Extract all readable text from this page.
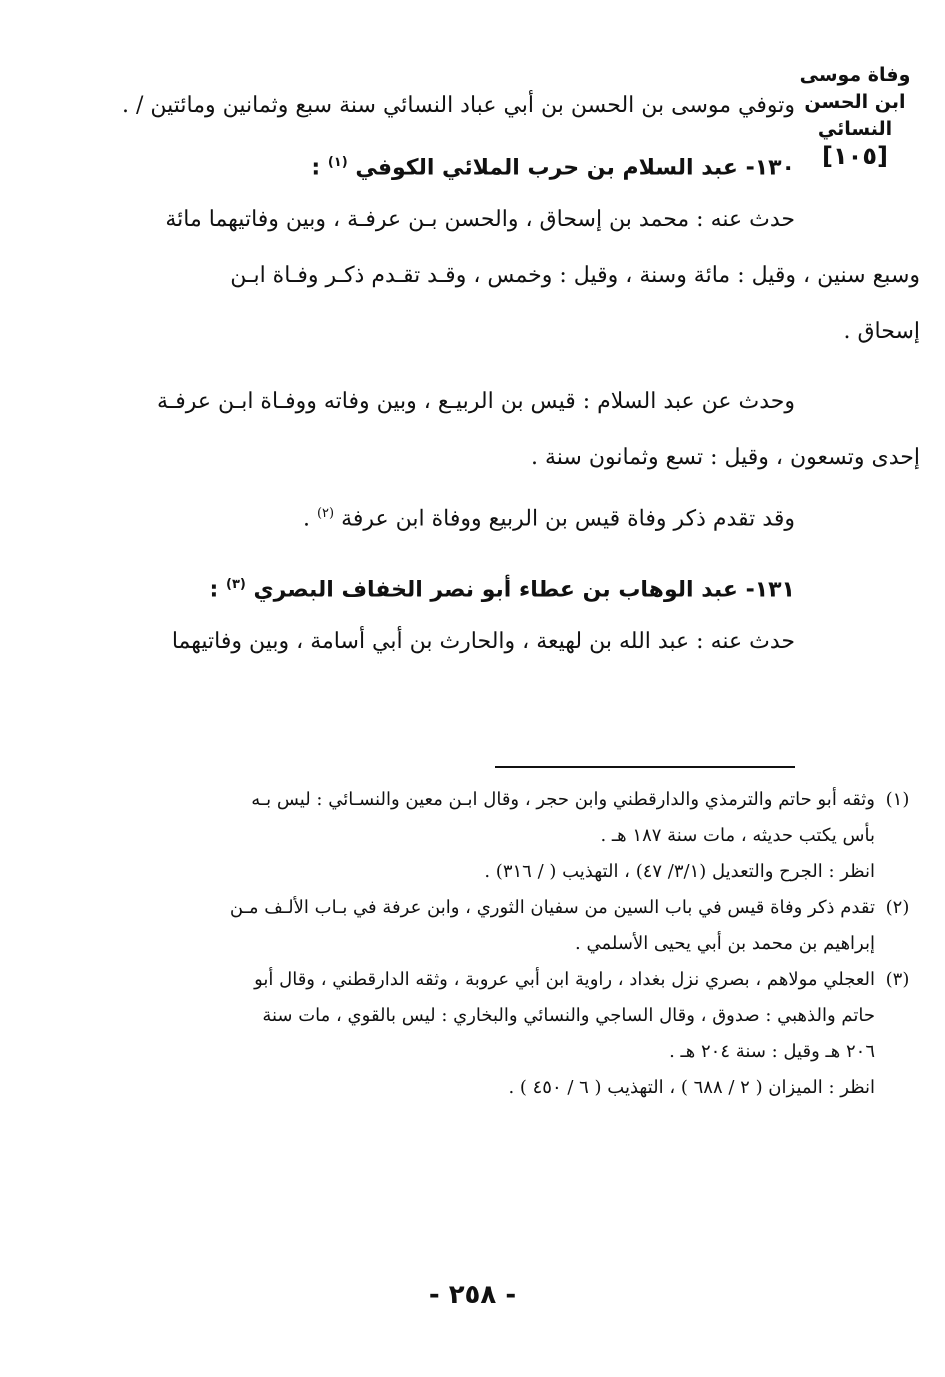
وفاة موسى
ابن الحسن
النسائي
[١٠٥]
وتوفي موسى بن الحسن بن أبي عباد النسائي سنة سبع وثمانين ومائتين / .
١٣٠- عبد السلام بن حرب الملائي الكوفي $^{(١)}$ :
حدث عنه : محمد بن إسحاق ، والحسن بـن عرفـة ، وبين وفاتيهما مائة
وسبع سنين ، وقيل : مائة وسنة ، وقيل : وخمس ، وقـد تقـدم ذكـر وفـاة ابـن
إسحاق .
وحدث عن عبد السلام : قيس بن الربيـع ، وبين وفاته ووفـاة ابـن عرفـة
إحدى وتسعون ، وقيل : تسع وثمانون سنة .
وقد تقدم ذكر وفاة قيس بن الربيع ووفاة ابن عرفة $^{(٢)}$ .
١٣١- عبد الوهاب بن عطاء أبو نصر الخفاف البصري $^{(٣)}$ :
حدث عنه : عبد الله بن لهيعة ، والحارث بن أبي أسامة ، وبين وفاتيهما
(١)
وثقه أبو حاتم والترمذي والدارقطني وابن حجر ، وقال ابـن معين والنسـائي : ليس بـه
بأس يكتب حديثه ، مات سنة ١٨٧ هـ .
انظر : الجرح والتعديل (٣/١/ ٤٧) ، التهذيب ( / ٣١٦) .
(٢)
تقدم ذكر وفاة قيس في باب السين من سفيان الثوري ، وابن عرفة في بـاب الألـف مـن
إبراهيم بن محمد بن أبي يحيى الأسلمي .
(٣)
العجلي مولاهم ، بصري نزل بغداد ، راوية ابن أبي عروبة ، وثقه الدارقطني ، وقال أبو
حاتم والذهبي : صدوق ، وقال الساجي والنسائي والبخاري : ليس بالقوي ، مات سنة
٢٠٦ هـ وقيل : سنة ٢٠٤ هـ .
انظر : الميزان ( ٢ / ٦٨٨ ) ، التهذيب ( ٦ / ٤٥٠ ) .
- ٢٥٨ -
